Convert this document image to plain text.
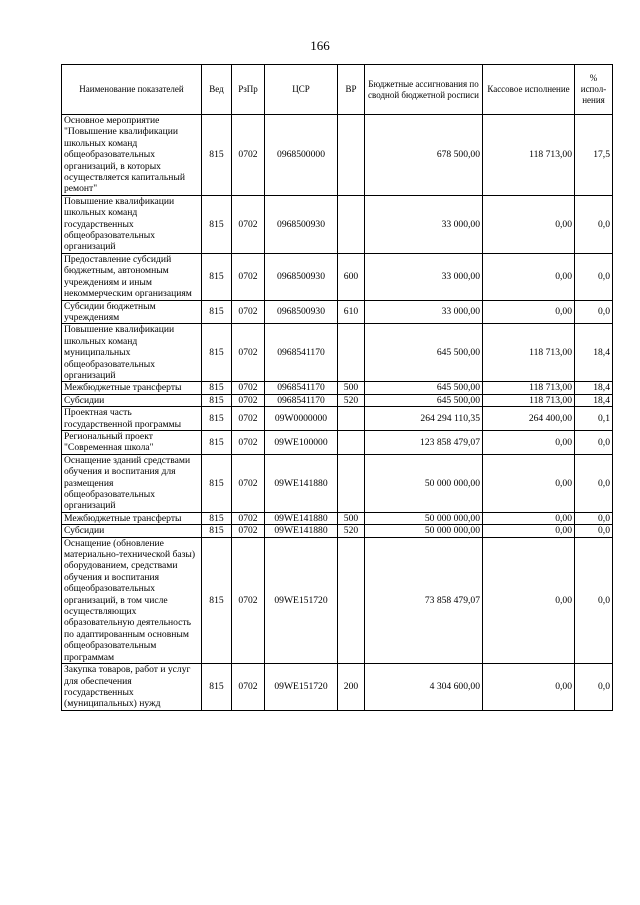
166
Наименование показателей	Вед	РзПр	ЦСР	ВР	Бюджетные ассигнования по сводной бюджетной росписи	Кассовое исполнение	% испол-нения
Основное мероприятие "Повышение квалификации школьных команд общеобразовательных организаций, в которых осуществляется капитальный ремонт"	815	0702	0968500000		678 500,00	118 713,00	17,5
Повышение квалификации школьных команд государственных общеобразовательных организаций	815	0702	0968500930		33 000,00	0,00	0,0
Предоставление субсидий бюджетным, автономным учреждениям и иным некоммерческим организациям	815	0702	0968500930	600	33 000,00	0,00	0,0
Субсидии бюджетным учреждениям	815	0702	0968500930	610	33 000,00	0,00	0,0
Повышение квалификации школьных команд муниципальных общеобразовательных организаций	815	0702	0968541170		645 500,00	118 713,00	18,4
Межбюджетные трансферты	815	0702	0968541170	500	645 500,00	118 713,00	18,4
Субсидии	815	0702	0968541170	520	645 500,00	118 713,00	18,4
Проектная часть государственной программы	815	0702	09W0000000		264 294 110,35	264 400,00	0,1
Региональный проект "Современная школа"	815	0702	09WE100000		123 858 479,07	0,00	0,0
Оснащение зданий средствами обучения и воспитания для размещения общеобразовательных организаций	815	0702	09WE141880		50 000 000,00	0,00	0,0
Межбюджетные трансферты	815	0702	09WE141880	500	50 000 000,00	0,00	0,0
Субсидии	815	0702	09WE141880	520	50 000 000,00	0,00	0,0
Оснащение (обновление материально-технической базы) оборудованием, средствами обучения и воспитания общеобразовательных организаций, в том числе осуществляющих образовательную деятельность по адаптированным основным общеобразовательным программам	815	0702	09WE151720		73 858 479,07	0,00	0,0
Закупка товаров, работ и услуг для обеспечения государственных (муниципальных) нужд	815	0702	09WE151720	200	4 304 600,00	0,00	0,0
